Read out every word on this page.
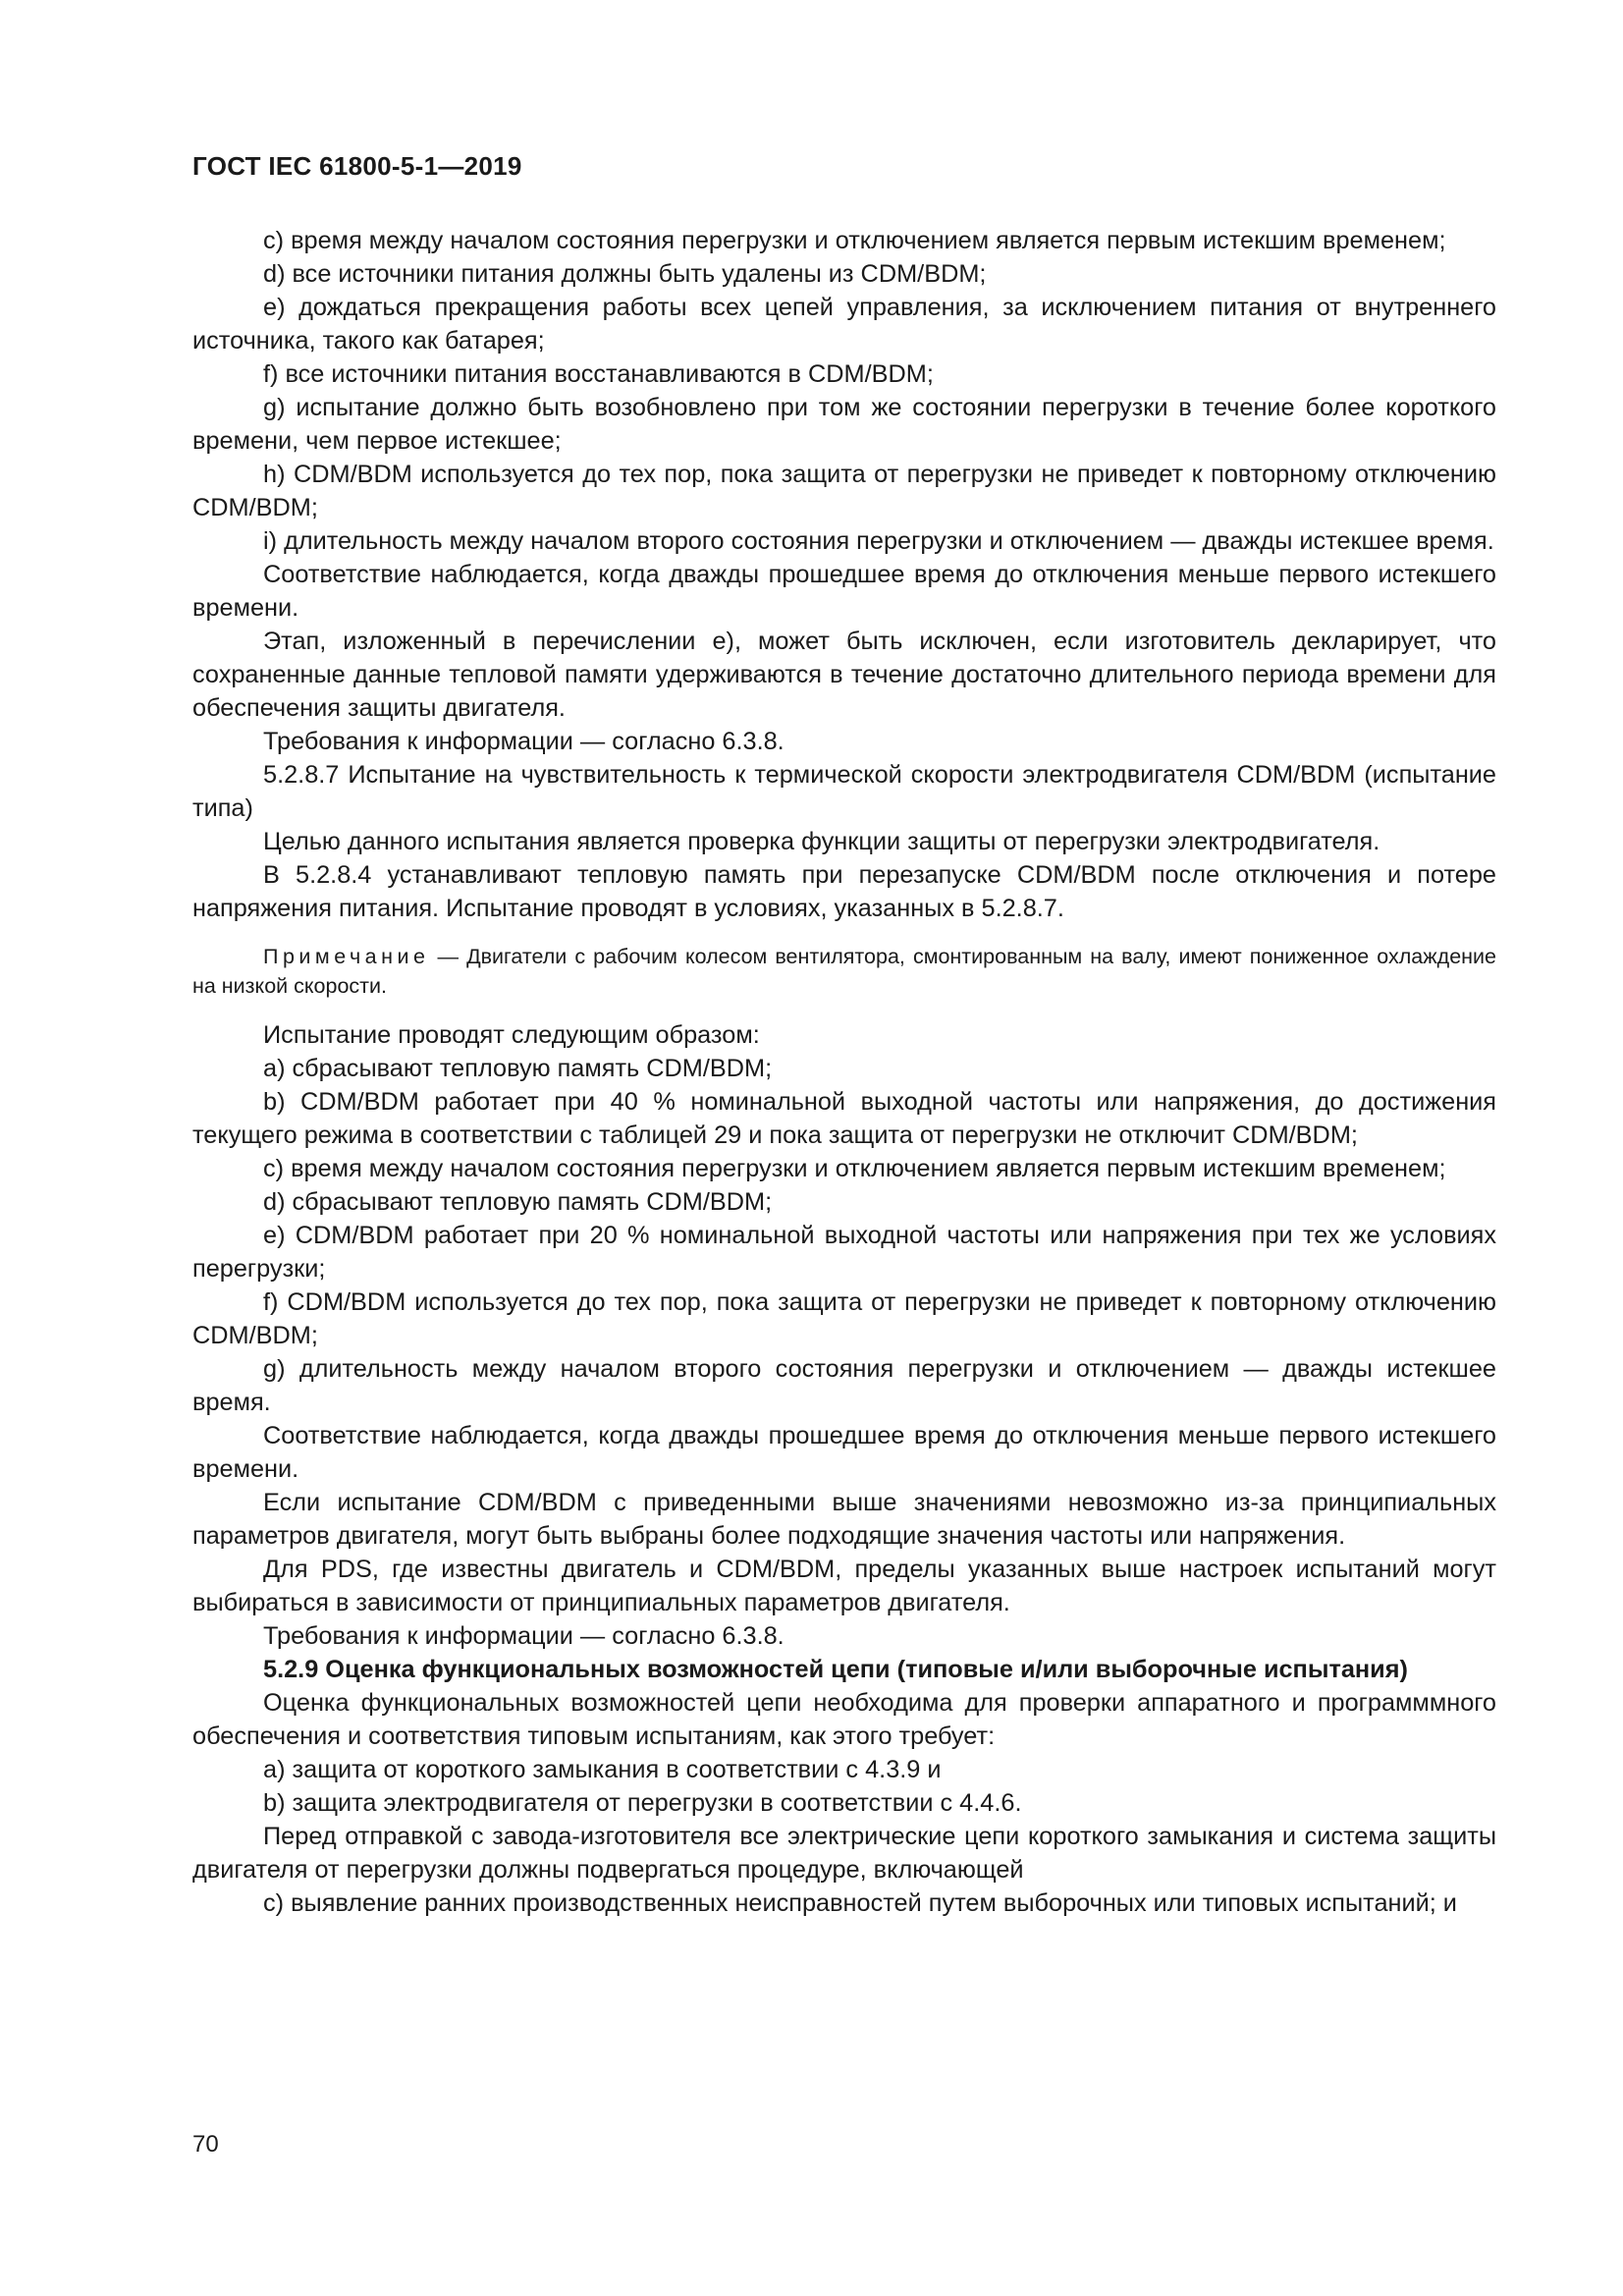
ГОСТ IEC 61800-5-1—2019

c) время между началом состояния перегрузки и отключением является первым истекшим временем;

d) все источники питания должны быть удалены из CDM/BDM;

e) дождаться прекращения работы всех цепей управления, за исключением питания от внутреннего источника, такого как батарея;

f) все источники питания восстанавливаются в CDM/BDM;

g) испытание должно быть возобновлено при том же состоянии перегрузки в течение более короткого времени, чем первое истекшее;

h) CDM/BDM используется до тех пор, пока защита от перегрузки не приведет к повторному отключению CDM/BDM;

i) длительность между началом второго состояния перегрузки и отключением — дважды истекшее время.

Соответствие наблюдается, когда дважды прошедшее время до отключения меньше первого истекшего времени.

Этап, изложенный в перечислении e), может быть исключен, если изготовитель декларирует, что сохраненные данные тепловой памяти удерживаются в течение достаточно длительного периода времени для обеспечения защиты двигателя.

Требования к информации — согласно 6.3.8.

5.2.8.7 Испытание на чувствительность к термической скорости электродвигателя CDM/BDM (испытание типа)

Целью данного испытания является проверка функции защиты от перегрузки электродвигателя.

В 5.2.8.4 устанавливают тепловую память при перезапуске CDM/BDM после отключения и потере напряжения питания. Испытание проводят в условиях, указанных в 5.2.8.7.

Примечание — Двигатели с рабочим колесом вентилятора, смонтированным на валу, имеют пониженное охлаждение на низкой скорости.

Испытание проводят следующим образом:

a) сбрасывают тепловую память CDM/BDM;

b) CDM/BDM работает при 40 % номинальной выходной частоты или напряжения, до достижения текущего режима в соответствии с таблицей 29 и пока защита от перегрузки не отключит CDM/BDM;

c) время между началом состояния перегрузки и отключением является первым истекшим временем;

d) сбрасывают тепловую память CDM/BDM;

e) CDM/BDM работает при 20 % номинальной выходной частоты или напряжения при тех же условиях перегрузки;

f) CDM/BDM используется до тех пор, пока защита от перегрузки не приведет к повторному отключению CDM/BDM;

g) длительность между началом второго состояния перегрузки и отключением — дважды истекшее время.

Соответствие наблюдается, когда дважды прошедшее время до отключения меньше первого истекшего времени.

Если испытание CDM/BDM с приведенными выше значениями невозможно из-за принципиальных параметров двигателя, могут быть выбраны более подходящие значения частоты или напряжения.

Для PDS, где известны двигатель и CDM/BDM, пределы указанных выше настроек испытаний могут выбираться в зависимости от принципиальных параметров двигателя.

Требования к информации — согласно 6.3.8.

5.2.9 Оценка функциональных возможностей цепи (типовые и/или выборочные испытания)

Оценка функциональных возможностей цепи необходима для проверки аппаратного и программмного обеспечения и соответствия типовым испытаниям, как этого требует:

a) защита от короткого замыкания в соответствии с 4.3.9 и

b) защита электродвигателя от перегрузки в соответствии с 4.4.6.

Перед отправкой с завода-изготовителя все электрические цепи короткого замыкания и система защиты двигателя от перегрузки должны подвергаться процедуре, включающей

c) выявление ранних производственных неисправностей путем выборочных или типовых испытаний; и

70
